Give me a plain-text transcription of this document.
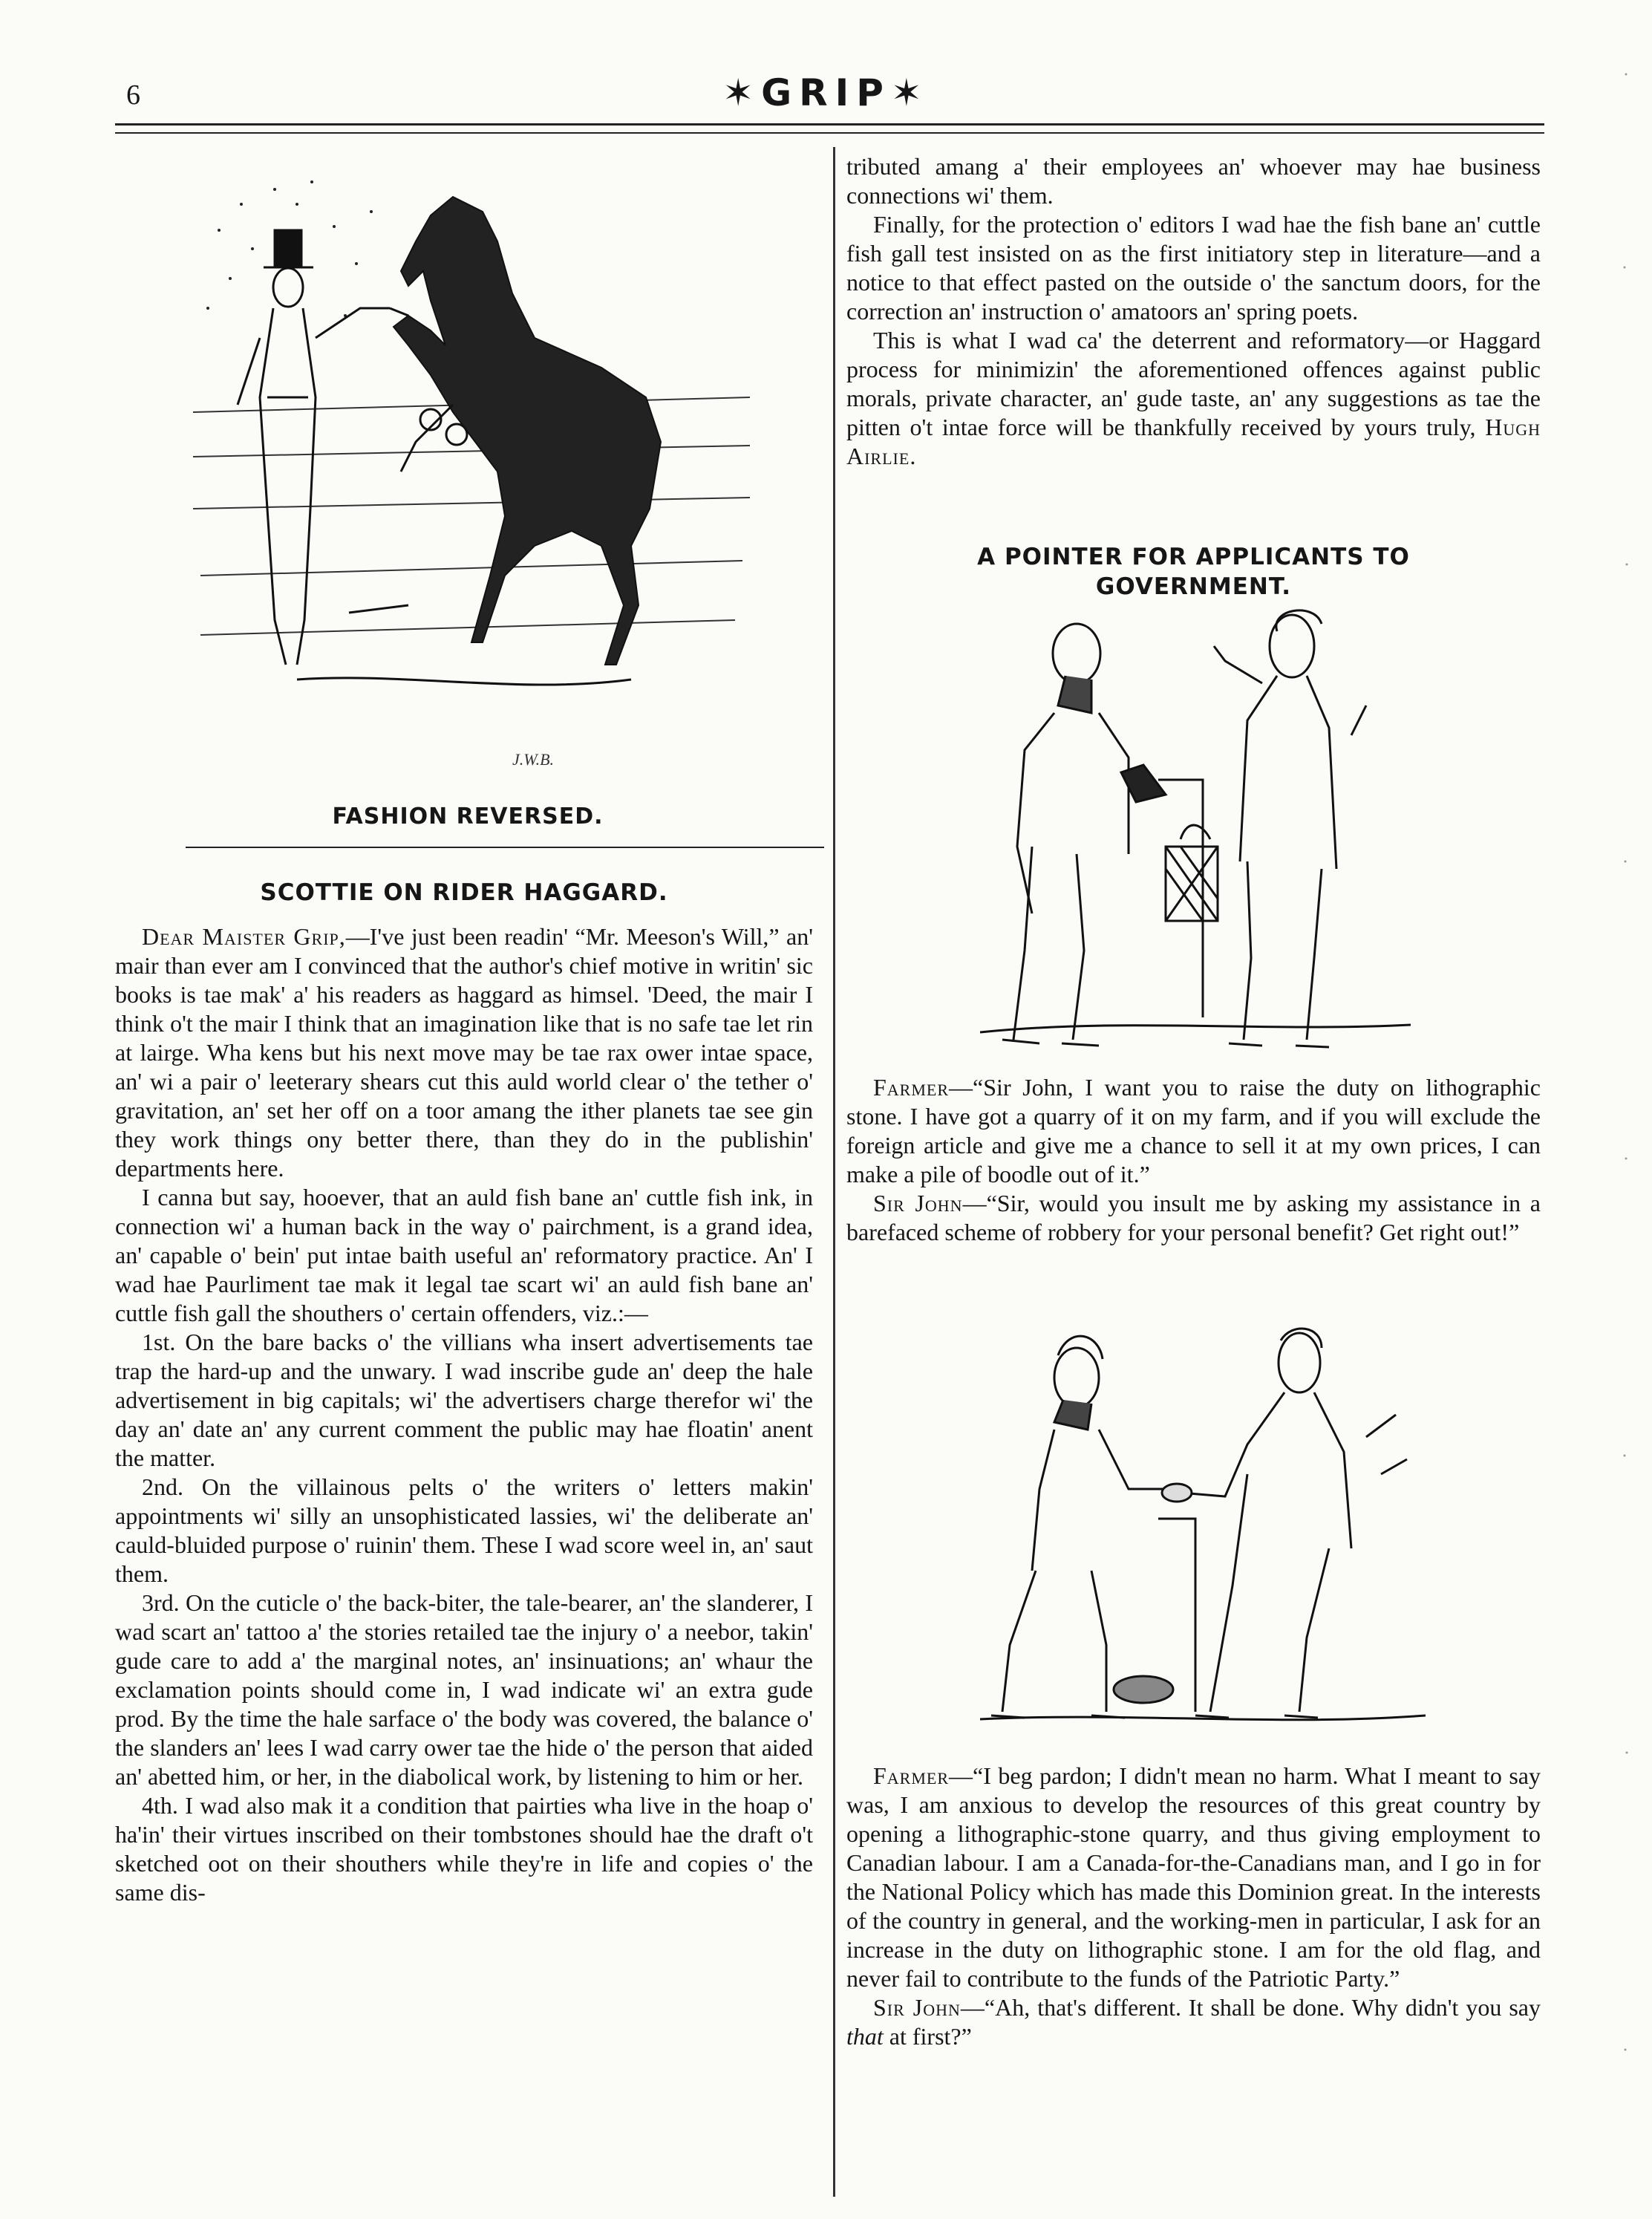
6	✶GRIP✶
J.W.B.
FASHION REVERSED.
SCOTTIE ON RIDER HAGGARD.

Dear Maister Grip,—I've just been readin' “Mr. Meeson's Will,” an' mair than ever am I convinced that the author's chief motive in writin' sic books is tae mak' a' his readers as haggard as himsel. 'Deed, the mair I think o't the mair I think that an imagination like that is no safe tae let rin at lairge. Wha kens but his next move may be tae rax ower intae space, an' wi a pair o' leeterary shears cut this auld world clear o' the tether o' gravitation, an' set her off on a toor amang the ither planets tae see gin they work things ony better there, than they do in the publishin' departments here.

I canna but say, hooever, that an auld fish bane an' cuttle fish ink, in connection wi' a human back in the way o' pairchment, is a grand idea, an' capable o' bein' put intae baith useful an' reformatory practice. An' I wad hae Paurliment tae mak it legal tae scart wi' an auld fish bane an' cuttle fish gall the shouthers o' certain offenders, viz.:—

1st. On the bare backs o' the villians wha insert advertisements tae trap the hard-up and the unwary. I wad inscribe gude an' deep the hale advertisement in big capitals; wi' the advertisers charge therefor wi' the day an' date an' any current comment the public may hae floatin' anent the matter.

2nd. On the villainous pelts o' the writers o' letters makin' appointments wi' silly an unsophisticated lassies, wi' the deliberate an' cauld-bluided purpose o' ruinin' them. These I wad score weel in, an' saut them.

3rd. On the cuticle o' the back-biter, the tale-bearer, an' the slanderer, I wad scart an' tattoo a' the stories retailed tae the injury o' a neebor, takin' gude care to add a' the marginal notes, an' insinuations; an' whaur the exclamation points should come in, I wad indicate wi' an extra gude prod. By the time the hale sarface o' the body was covered, the balance o' the slanders an' lees I wad carry ower tae the hide o' the person that aided an' abetted him, or her, in the diabolical work, by listening to him or her.

4th. I wad also mak it a condition that pairties wha live in the hoap o' ha'in' their virtues inscribed on their tombstones should hae the draft o't sketched oot on their shouthers while they're in life and copies o' the same dis-

tributed amang a' their employees an' whoever may hae business connections wi' them.

Finally, for the protection o' editors I wad hae the fish bane an' cuttle fish gall test insisted on as the first initiatory step in literature—and a notice to that effect pasted on the outside o' the sanctum doors, for the correction an' instruction o' amatoors an' spring poets.

This is what I wad ca' the deterrent and reformatory—or Haggard process for minimizin' the aforementioned offences against public morals, private character, an' gude taste, an' any suggestions as tae the pitten o't intae force will be thankfully received by yours truly, Hugh Airlie.

A POINTER FOR APPLICANTS TO
GOVERNMENT.

Farmer—“Sir John, I want you to raise the duty on lithographic stone. I have got a quarry of it on my farm, and if you will exclude the foreign article and give me a chance to sell it at my own prices, I can make a pile of boodle out of it.”

Sir John—“Sir, would you insult me by asking my assistance in a barefaced scheme of robbery for your personal benefit? Get right out!”

Farmer—“I beg pardon; I didn't mean no harm. What I meant to say was, I am anxious to develop the resources of this great country by opening a lithographic-stone quarry, and thus giving employment to Canadian labour. I am a Canada-for-the-Canadians man, and I go in for the National Policy which has made this Dominion great. In the interests of the country in general, and the working-men in particular, I ask for an increase in the duty on lithographic stone. I am for the old flag, and never fail to contribute to the funds of the Patriotic Party.”

Sir John—“Ah, that's different. It shall be done. Why didn't you say that at first?”
